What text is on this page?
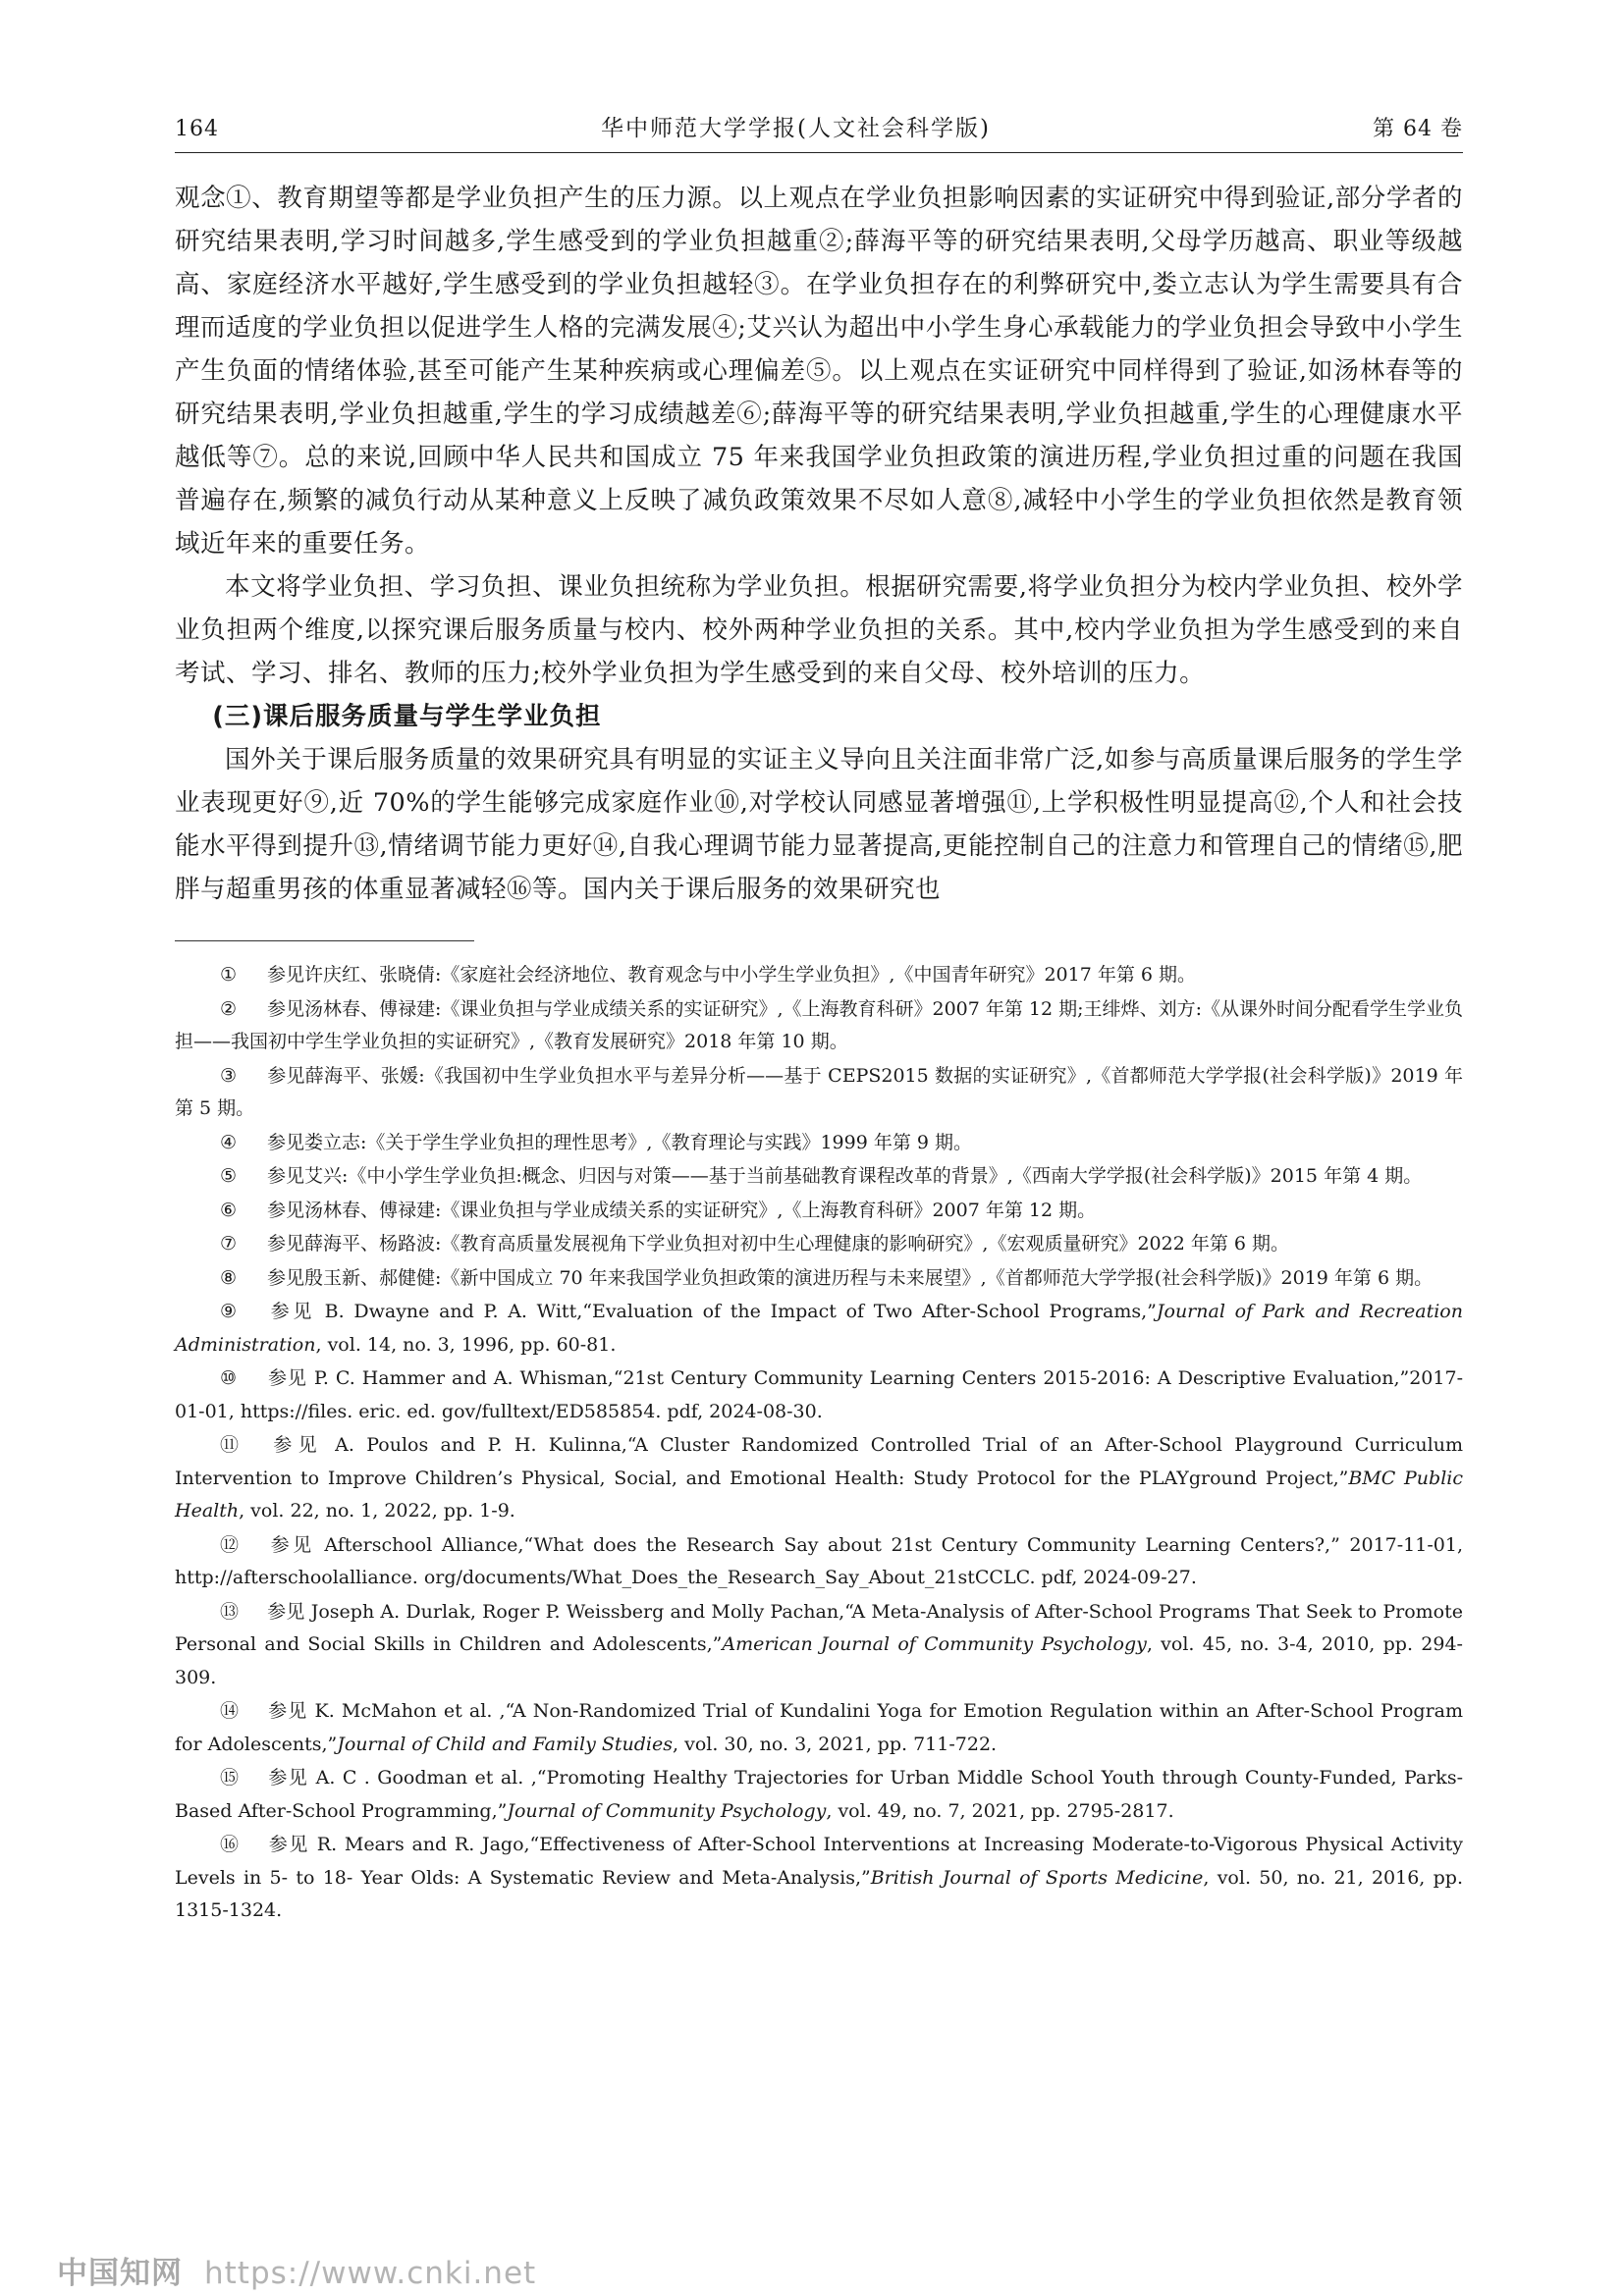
164	华中师范大学学报(人文社会科学版)	第 64 卷

观念①、教育期望等都是学业负担产生的压力源。以上观点在学业负担影响因素的实证研究中得到验证,部分学者的研究结果表明,学习时间越多,学生感受到的学业负担越重②;薛海平等的研究结果表明,父母学历越高、职业等级越高、家庭经济水平越好,学生感受到的学业负担越轻③。在学业负担存在的利弊研究中,娄立志认为学生需要具有合理而适度的学业负担以促进学生人格的完满发展④;艾兴认为超出中小学生身心承载能力的学业负担会导致中小学生产生负面的情绪体验,甚至可能产生某种疾病或心理偏差⑤。以上观点在实证研究中同样得到了验证,如汤林春等的研究结果表明,学业负担越重,学生的学习成绩越差⑥;薛海平等的研究结果表明,学业负担越重,学生的心理健康水平越低等⑦。总的来说,回顾中华人民共和国成立 75 年来我国学业负担政策的演进历程,学业负担过重的问题在我国普遍存在,频繁的减负行动从某种意义上反映了减负政策效果不尽如人意⑧,减轻中小学生的学业负担依然是教育领域近年来的重要任务。

本文将学业负担、学习负担、课业负担统称为学业负担。根据研究需要,将学业负担分为校内学业负担、校外学业负担两个维度,以探究课后服务质量与校内、校外两种学业负担的关系。其中,校内学业负担为学生感受到的来自考试、学习、排名、教师的压力;校外学业负担为学生感受到的来自父母、校外培训的压力。

(三)课后服务质量与学生学业负担

国外关于课后服务质量的效果研究具有明显的实证主义导向且关注面非常广泛,如参与高质量课后服务的学生学业表现更好⑨,近 70%的学生能够完成家庭作业⑩,对学校认同感显著增强⑪,上学积极性明显提高⑫,个人和社会技能水平得到提升⑬,情绪调节能力更好⑭,自我心理调节能力显著提高,更能控制自己的注意力和管理自己的情绪⑮,肥胖与超重男孩的体重显著减轻⑯等。国内关于课后服务的效果研究也

① 参见许庆红、张晓倩:《家庭社会经济地位、教育观念与中小学生学业负担》,《中国青年研究》2017 年第 6 期。
② 参见汤林春、傅禄建:《课业负担与学业成绩关系的实证研究》,《上海教育科研》2007 年第 12 期;王绯烨、刘方:《从课外时间分配看学生学业负担——我国初中学生学业负担的实证研究》,《教育发展研究》2018 年第 10 期。
③ 参见薛海平、张媛:《我国初中生学业负担水平与差异分析——基于 CEPS2015 数据的实证研究》,《首都师范大学学报(社会科学版)》2019 年第 5 期。
④ 参见娄立志:《关于学生学业负担的理性思考》,《教育理论与实践》1999 年第 9 期。
⑤ 参见艾兴:《中小学生学业负担:概念、归因与对策——基于当前基础教育课程改革的背景》,《西南大学学报(社会科学版)》2015 年第 4 期。
⑥ 参见汤林春、傅禄建:《课业负担与学业成绩关系的实证研究》,《上海教育科研》2007 年第 12 期。
⑦ 参见薛海平、杨路波:《教育高质量发展视角下学业负担对初中生心理健康的影响研究》,《宏观质量研究》2022 年第 6 期。
⑧ 参见殷玉新、郝健健:《新中国成立 70 年来我国学业负担政策的演进历程与未来展望》,《首都师范大学学报(社会科学版)》2019 年第 6 期。
⑨ 参见 B. Dwayne and P. A. Witt,“Evaluation of the Impact of Two After-School Programs,”Journal of Park and Recreation Administration, vol. 14, no. 3, 1996, pp. 60-81.
⑩ 参见 P. C. Hammer and A. Whisman,“21st Century Community Learning Centers 2015-2016: A Descriptive Evaluation,”2017-01-01, https://files. eric. ed. gov/fulltext/ED585854. pdf, 2024-08-30.
⑪ 参见 A. Poulos and P. H. Kulinna,“A Cluster Randomized Controlled Trial of an After-School Playground Curriculum Intervention to Improve Children’s Physical, Social, and Emotional Health: Study Protocol for the PLAYground Project,”BMC Public Health, vol. 22, no. 1, 2022, pp. 1-9.
⑫ 参见 Afterschool Alliance,“What does the Research Say about 21st Century Community Learning Centers?,” 2017-11-01, http://afterschoolalliance. org/documents/What_Does_the_Research_Say_About_21stCCLC. pdf, 2024-09-27.
⑬ 参见 Joseph A. Durlak, Roger P. Weissberg and Molly Pachan,“A Meta-Analysis of After-School Programs That Seek to Promote Personal and Social Skills in Children and Adolescents,”American Journal of Community Psychology, vol. 45, no. 3-4, 2010, pp. 294-309.
⑭ 参见 K. McMahon et al. ,“A Non-Randomized Trial of Kundalini Yoga for Emotion Regulation within an After-School Program for Adolescents,”Journal of Child and Family Studies, vol. 30, no. 3, 2021, pp. 711-722.
⑮ 参见 A. C . Goodman et al. ,“Promoting Healthy Trajectories for Urban Middle School Youth through County-Funded, Parks-Based After-School Programming,”Journal of Community Psychology, vol. 49, no. 7, 2021, pp. 2795-2817.
⑯ 参见 R. Mears and R. Jago,“Effectiveness of After-School Interventions at Increasing Moderate-to-Vigorous Physical Activity Levels in 5- to 18- Year Olds: A Systematic Review and Meta-Analysis,”British Journal of Sports Medicine, vol. 50, no. 21, 2016, pp. 1315-1324.
中国知网 https://www.cnki.net
